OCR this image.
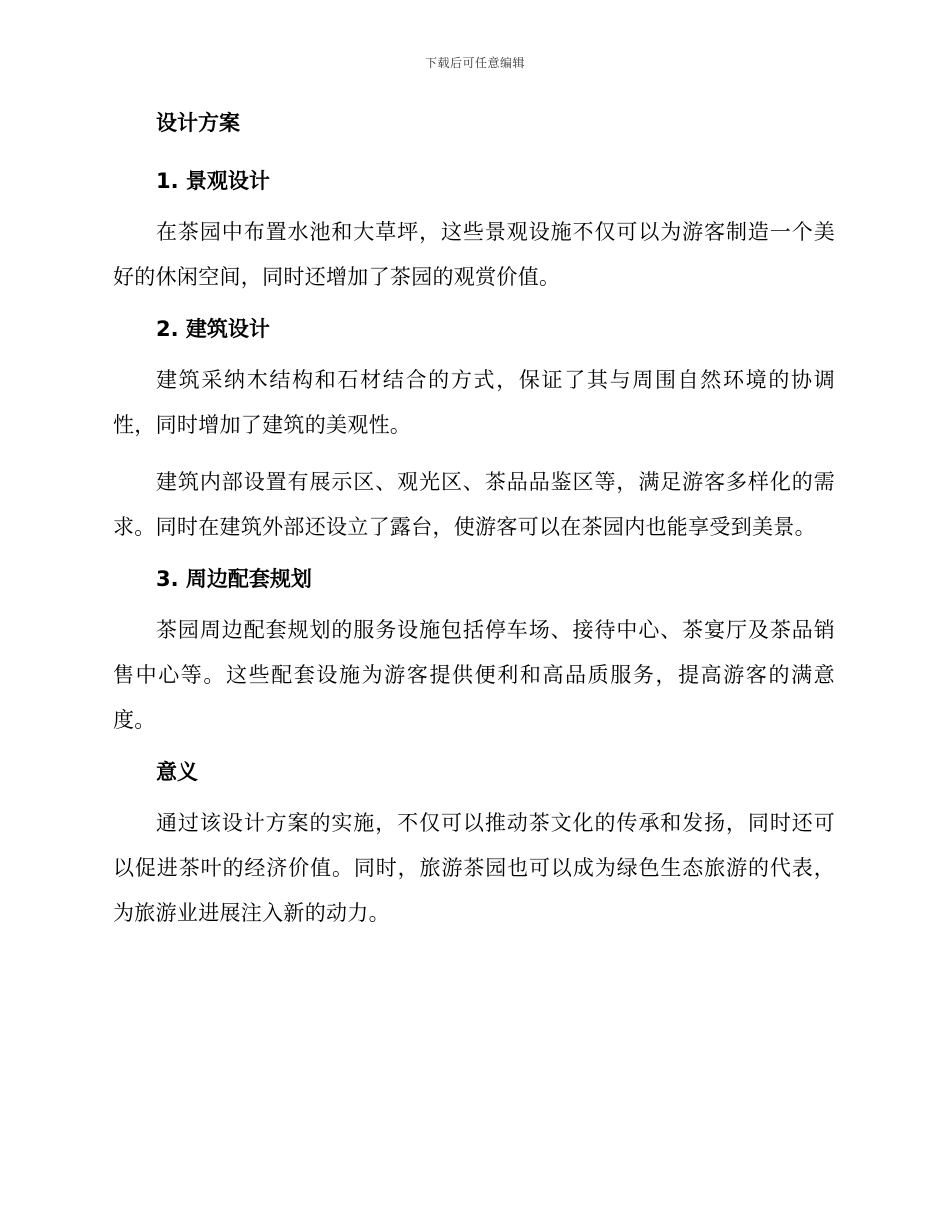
下载后可任意编辑
设计方案
1. 景观设计

在茶园中布置水池和大草坪，这些景观设施不仅可以为游客制造一个美好的休闲空间，同时还增加了茶园的观赏价值。

2. 建筑设计

建筑采纳木结构和石材结合的方式，保证了其与周围自然环境的协调性，同时增加了建筑的美观性。

建筑内部设置有展示区、观光区、茶品品鉴区等，满足游客多样化的需求。同时在建筑外部还设立了露台，使游客可以在茶园内也能享受到美景。

3. 周边配套规划

茶园周边配套规划的服务设施包括停车场、接待中心、茶宴厅及茶品销售中心等。这些配套设施为游客提供便利和高品质服务，提高游客的满意度。

意义

通过该设计方案的实施，不仅可以推动茶文化的传承和发扬，同时还可以促进茶叶的经济价值。同时，旅游茶园也可以成为绿色生态旅游的代表，为旅游业进展注入新的动力。
